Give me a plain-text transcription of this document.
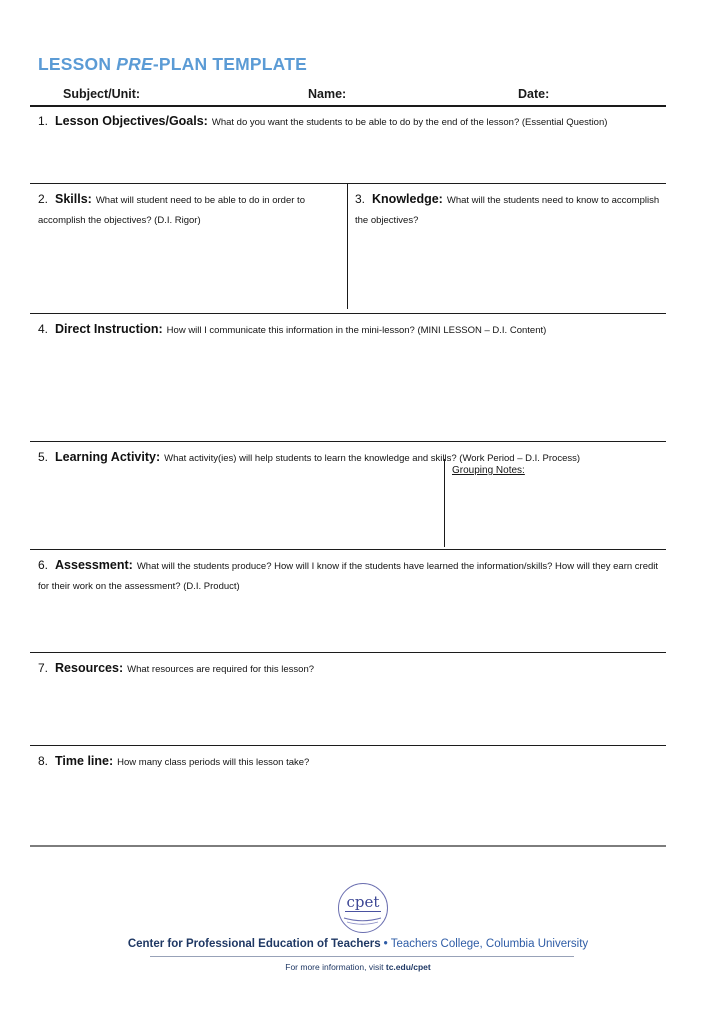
LESSON PRE-PLAN TEMPLATE
Subject/Unit:	Name:	Date:
1. Lesson Objectives/Goals: What do you want the students to be able to do by the end of the lesson? (Essential Question)
2. Skills: What will student need to be able to do in order to accomplish the objectives? (D.I. Rigor)
3. Knowledge: What will the students need to know to accomplish the objectives?
4. Direct Instruction: How will I communicate this information in the mini-lesson? (MINI LESSON – D.I. Content)
5. Learning Activity: What activity(ies) will help students to learn the knowledge and skills? (Work Period – D.I. Process)
Grouping Notes:
6. Assessment: What will the students produce? How will I know if the students have learned the information/skills? How will they earn credit for their work on the assessment? (D.I. Product)
7. Resources: What resources are required for this lesson?
8. Time line: How many class periods will this lesson take?
cpet
Center for Professional Education of Teachers • Teachers College, Columbia University
For more information, visit tc.edu/cpet
